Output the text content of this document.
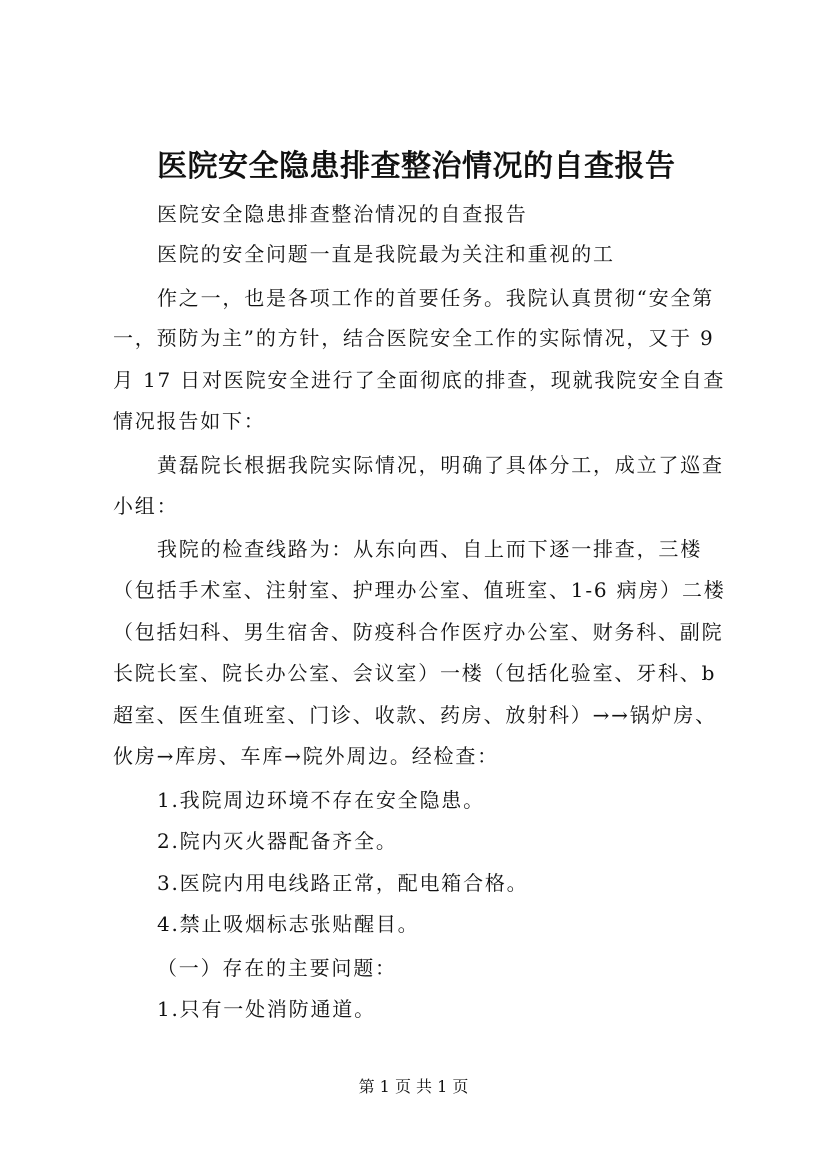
医院安全隐患排查整治情况的自查报告
医院安全隐患排查整治情况的自查报告
医院的安全问题一直是我院最为关注和重视的工
作之一，也是各项工作的首要任务。我院认真贯彻“安全第
一，预防为主”的方针，结合医院安全工作的实际情况，又于 9
月 17 日对医院安全进行了全面彻底的排查，现就我院安全自查
情况报告如下：
黄磊院长根据我院实际情况，明确了具体分工，成立了巡查
小组：
我院的检查线路为：从东向西、自上而下逐一排查，三楼
（包括手术室、注射室、护理办公室、值班室、1-6 病房）二楼
（包括妇科、男生宿舍、防疫科合作医疗办公室、财务科、副院
长院长室、院长办公室、会议室）一楼（包括化验室、牙科、b
超室、医生值班室、门诊、收款、药房、放射科）→→锅炉房、
伙房→库房、车库→院外周边。经检查：
1.我院周边环境不存在安全隐患。
2.院内灭火器配备齐全。
3.医院内用电线路正常，配电箱合格。
4.禁止吸烟标志张贴醒目。
（一）存在的主要问题：
1.只有一处消防通道。
第 1 页 共 1 页
